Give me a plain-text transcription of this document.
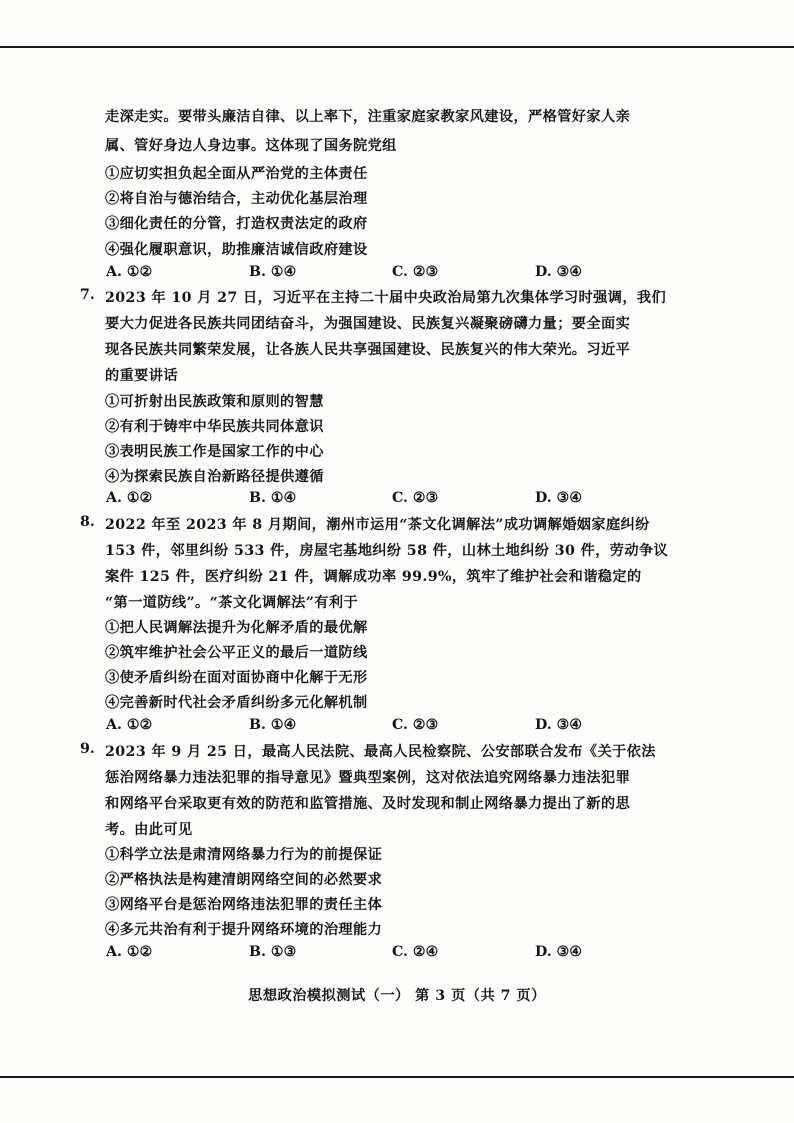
走深走实。要带头廉洁自律、以上率下，注重家庭家教家风建设，严格管好家人亲
属、管好身边人身边事。这体现了国务院党组
①应切实担负起全面从严治党的主体责任
②将自治与德治结合，主动优化基层治理
③细化责任的分管，打造权责法定的政府
④强化履职意识，助推廉洁诚信政府建设
A. ①②	B. ①④	C. ②③	D. ③④
7. 2023 年 10 月 27 日，习近平在主持二十届中央政治局第九次集体学习时强调，我们
要大力促进各民族共同团结奋斗，为强国建设、民族复兴凝聚磅礴力量；要全面实
现各民族共同繁荣发展，让各族人民共享强国建设、民族复兴的伟大荣光。习近平
的重要讲话
①可折射出民族政策和原则的智慧
②有利于铸牢中华民族共同体意识
③表明民族工作是国家工作的中心
④为探索民族自治新路径提供遵循
A. ①②	B. ①④	C. ②③	D. ③④
8. 2022 年至 2023 年 8 月期间，潮州市运用“茶文化调解法”成功调解婚姻家庭纠纷
153 件，邻里纠纷 533 件，房屋宅基地纠纷 58 件，山林土地纠纷 30 件，劳动争议
案件 125 件，医疗纠纷 21 件，调解成功率 99.9%，筑牢了维护社会和谐稳定的
“第一道防线”。“茶文化调解法”有利于
①把人民调解法提升为化解矛盾的最优解
②筑牢维护社会公平正义的最后一道防线
③使矛盾纠纷在面对面协商中化解于无形
④完善新时代社会矛盾纠纷多元化解机制
A. ①②	B. ①④	C. ②③	D. ③④
9. 2023 年 9 月 25 日，最高人民法院、最高人民检察院、公安部联合发布《关于依法
惩治网络暴力违法犯罪的指导意见》暨典型案例，这对依法追究网络暴力违法犯罪
和网络平台采取更有效的防范和监管措施、及时发现和制止网络暴力提出了新的思
考。由此可见
①科学立法是肃清网络暴力行为的前提保证
②严格执法是构建清朗网络空间的必然要求
③网络平台是惩治网络违法犯罪的责任主体
④多元共治有利于提升网络环境的治理能力
A. ①②	B. ①③	C. ②④	D. ③④
思想政治模拟测试（一） 第 3 页（共 7 页）
